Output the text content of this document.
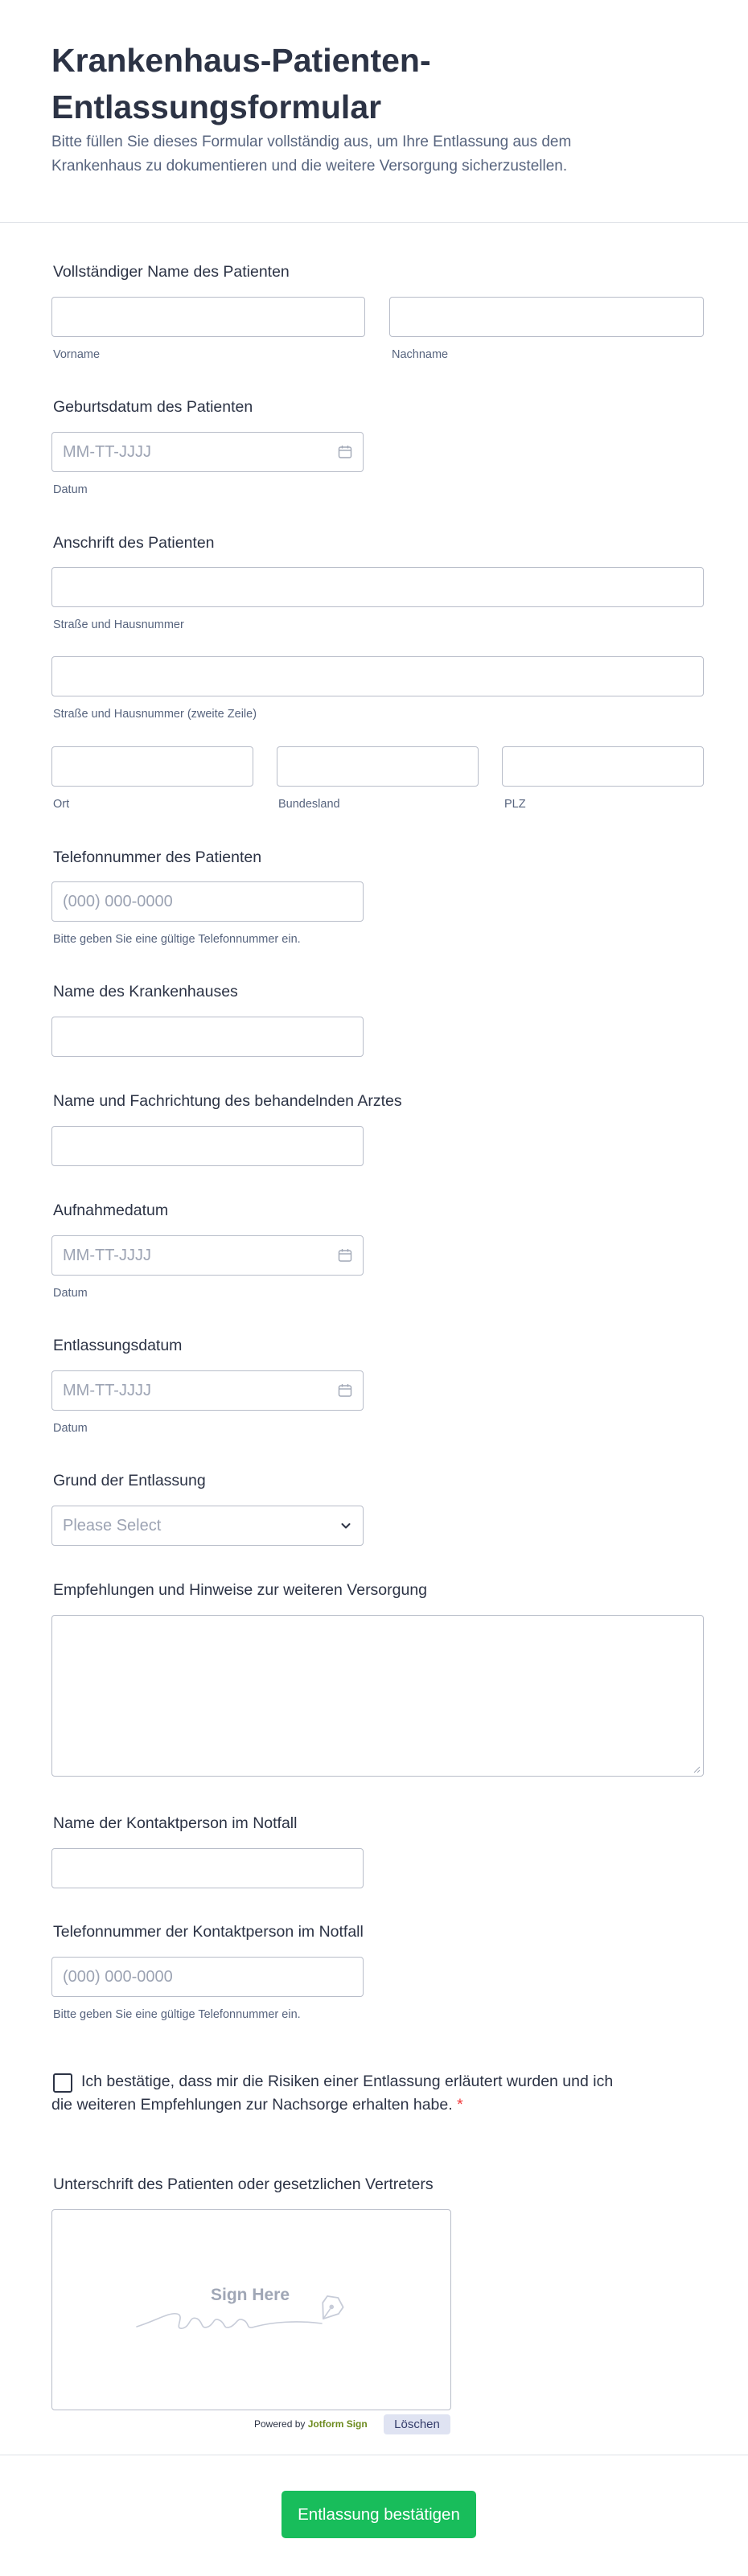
Krankenhaus-Patienten-Entlassungsformular
Bitte füllen Sie dieses Formular vollständig aus, um Ihre Entlassung aus dem Krankenhaus zu dokumentieren und die weitere Versorgung sicherzustellen.
Vollständiger Name des Patienten
Vorname	Nachname
Geburtsdatum des Patienten
MM-TT-JJJJ
Datum
Anschrift des Patienten
Straße und Hausnummer
Straße und Hausnummer (zweite Zeile)
Ort	Bundesland	PLZ
Telefonnummer des Patienten
(000) 000-0000
Bitte geben Sie eine gültige Telefonnummer ein.
Name des Krankenhauses
Name und Fachrichtung des behandelnden Arztes
Aufnahmedatum
MM-TT-JJJJ
Datum
Entlassungsdatum
MM-TT-JJJJ
Datum
Grund der Entlassung
Please Select
Empfehlungen und Hinweise zur weiteren Versorgung
Name der Kontaktperson im Notfall
Telefonnummer der Kontaktperson im Notfall
(000) 000-0000
Bitte geben Sie eine gültige Telefonnummer ein.
Ich bestätige, dass mir die Risiken einer Entlassung erläutert wurden und ich die weiteren Empfehlungen zur Nachsorge erhalten habe. *
Unterschrift des Patienten oder gesetzlichen Vertreters
Sign Here
Powered by Jotform Sign	Löschen
Entlassung bestätigen
